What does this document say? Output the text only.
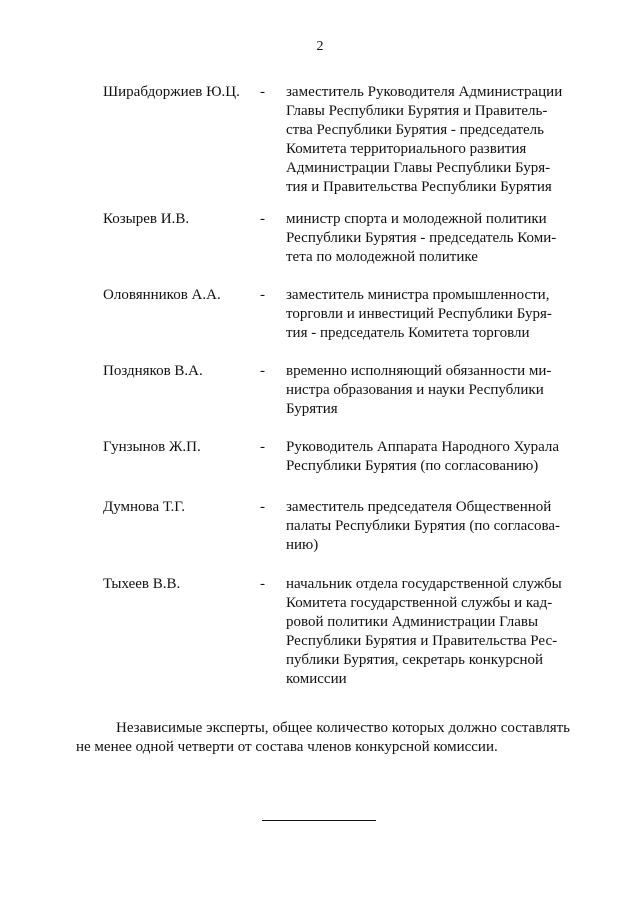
2
Ширабдоржиев Ю.Ц. - заместитель Руководителя Администрации
Главы Республики Бурятия и Правитель-
ства Республики Бурятия - председатель
Комитета территориального развития
Администрации Главы Республики Буря-
тия и Правительства Республики Бурятия
Козырев И.В.	- министр спорта и молодежной политики
Республики Бурятия - председатель Коми-
тета по молодежной политике
Оловянников А.А.	- заместитель министра промышленности,
торговли и инвестиций Республики Буря-
тия - председатель Комитета торговли
Поздняков В.А.	- временно исполняющий обязанности ми-
нистра образования и науки Республики
Бурятия
Гунзынов Ж.П.	- Руководитель Аппарата Народного Хурала
Республики Бурятия (по согласованию)
Думнова Т.Г.	- заместитель председателя Общественной
палаты Республики Бурятия (по согласова-
нию)
Тыхеев В.В.	- начальник отдела государственной службы
Комитета государственной службы и кад-
ровой политики Администрации Главы
Республики Бурятия и Правительства Рес-
публики Бурятия, секретарь конкурсной
комиссии
Независимые эксперты, общее количество которых должно составлять не менее одной четверти от состава членов конкурсной комиссии.
